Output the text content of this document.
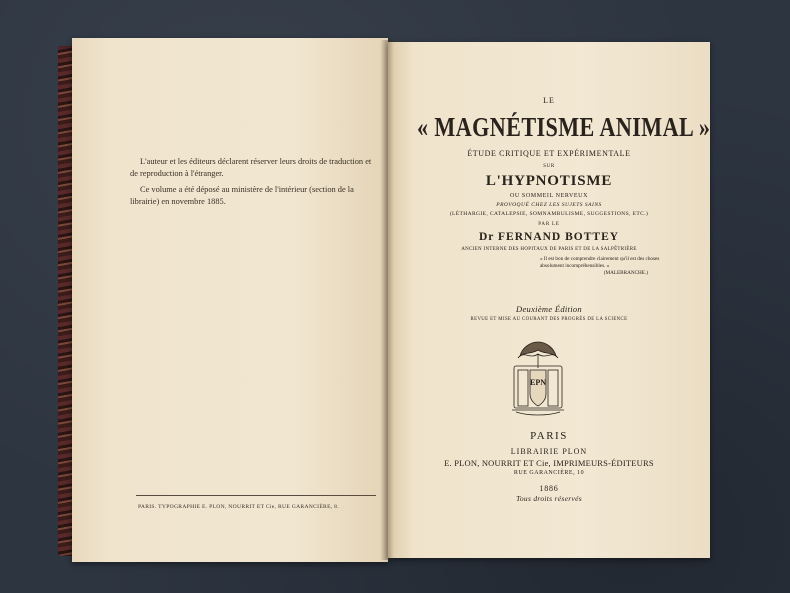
L'auteur et les éditeurs déclarent réserver leurs droits de traduction et de reproduction à l'étranger.

Ce volume a été déposé au ministère de l'intérieur (section de la librairie) en novembre 1885.

PARIS. TYPOGRAPHIE E. PLON, NOURRIT ET Cie, RUE GARANCIÈRE, 8.
LE
« MAGNÉTISME ANIMAL »
ÉTUDE CRITIQUE ET EXPÉRIMENTALE
SUR
L'HYPNOTISME
OU SOMMEIL NERVEUX
PROVOQUÉ CHEZ LES SUJETS SAINS
(LÉTHARGIE, CATALEPSIE, SOMNAMBULISME, SUGGESTIONS, ETC.)
PAR LE
Dr FERNAND BOTTEY
ANCIEN INTERNE DES HOPITAUX DE PARIS ET DE LA SALPÊTRIÈRE
« Il est bon de comprendre clairement qu'il est des choses absolument incompréhensibles. »
(MALEBRANCHE.)
Deuxième Édition
REVUE ET MISE AU COURANT DES PROGRÈS DE LA SCIENCE
EPN
PARIS
LIBRAIRIE PLON
E. PLON, NOURRIT ET Cie, IMPRIMEURS-ÉDITEURS
RUE GARANCIÈRE, 10
1886
Tous droits réservés
